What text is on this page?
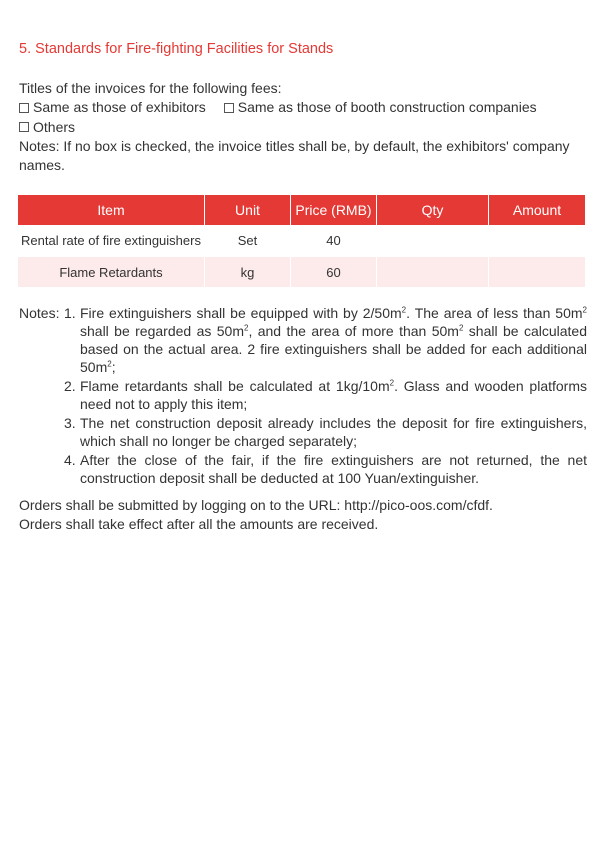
5. Standards for Fire-fighting Facilities for Stands
Titles of the invoices for the following fees:
Same as those of exhibitors Same as those of booth construction companies
Others
Notes: If no box is checked, the invoice titles shall be, by default, the exhibitors' company names.
Item	Unit	Price (RMB)	Qty	Amount
Rental rate of fire extinguishers	Set	40		

Flame Retardants	kg	60		
Notes: 1. Fire extinguishers shall be equipped with by $2/50m^2$. The area of less than $50m^2$ shall be regarded as $50m^2$, and the area of more than $50m^2$ shall be calculated based on the actual area. 2 fire extinguishers shall be added for each additional $50m^2$;
2. Flame retardants shall be calculated at $1kg/10m^2$. Glass and wooden platforms need not to apply this item;
3. The net construction deposit already includes the deposit for fire extinguishers, which shall no longer be charged separately;
4. After the close of the fair, if the fire extinguishers are not returned, the net construction deposit shall be deducted at 100 Yuan/extinguisher.
Orders shall be submitted by logging on to the URL: http://pico-oos.com/cfdf.
Orders shall take effect after all the amounts are received.
